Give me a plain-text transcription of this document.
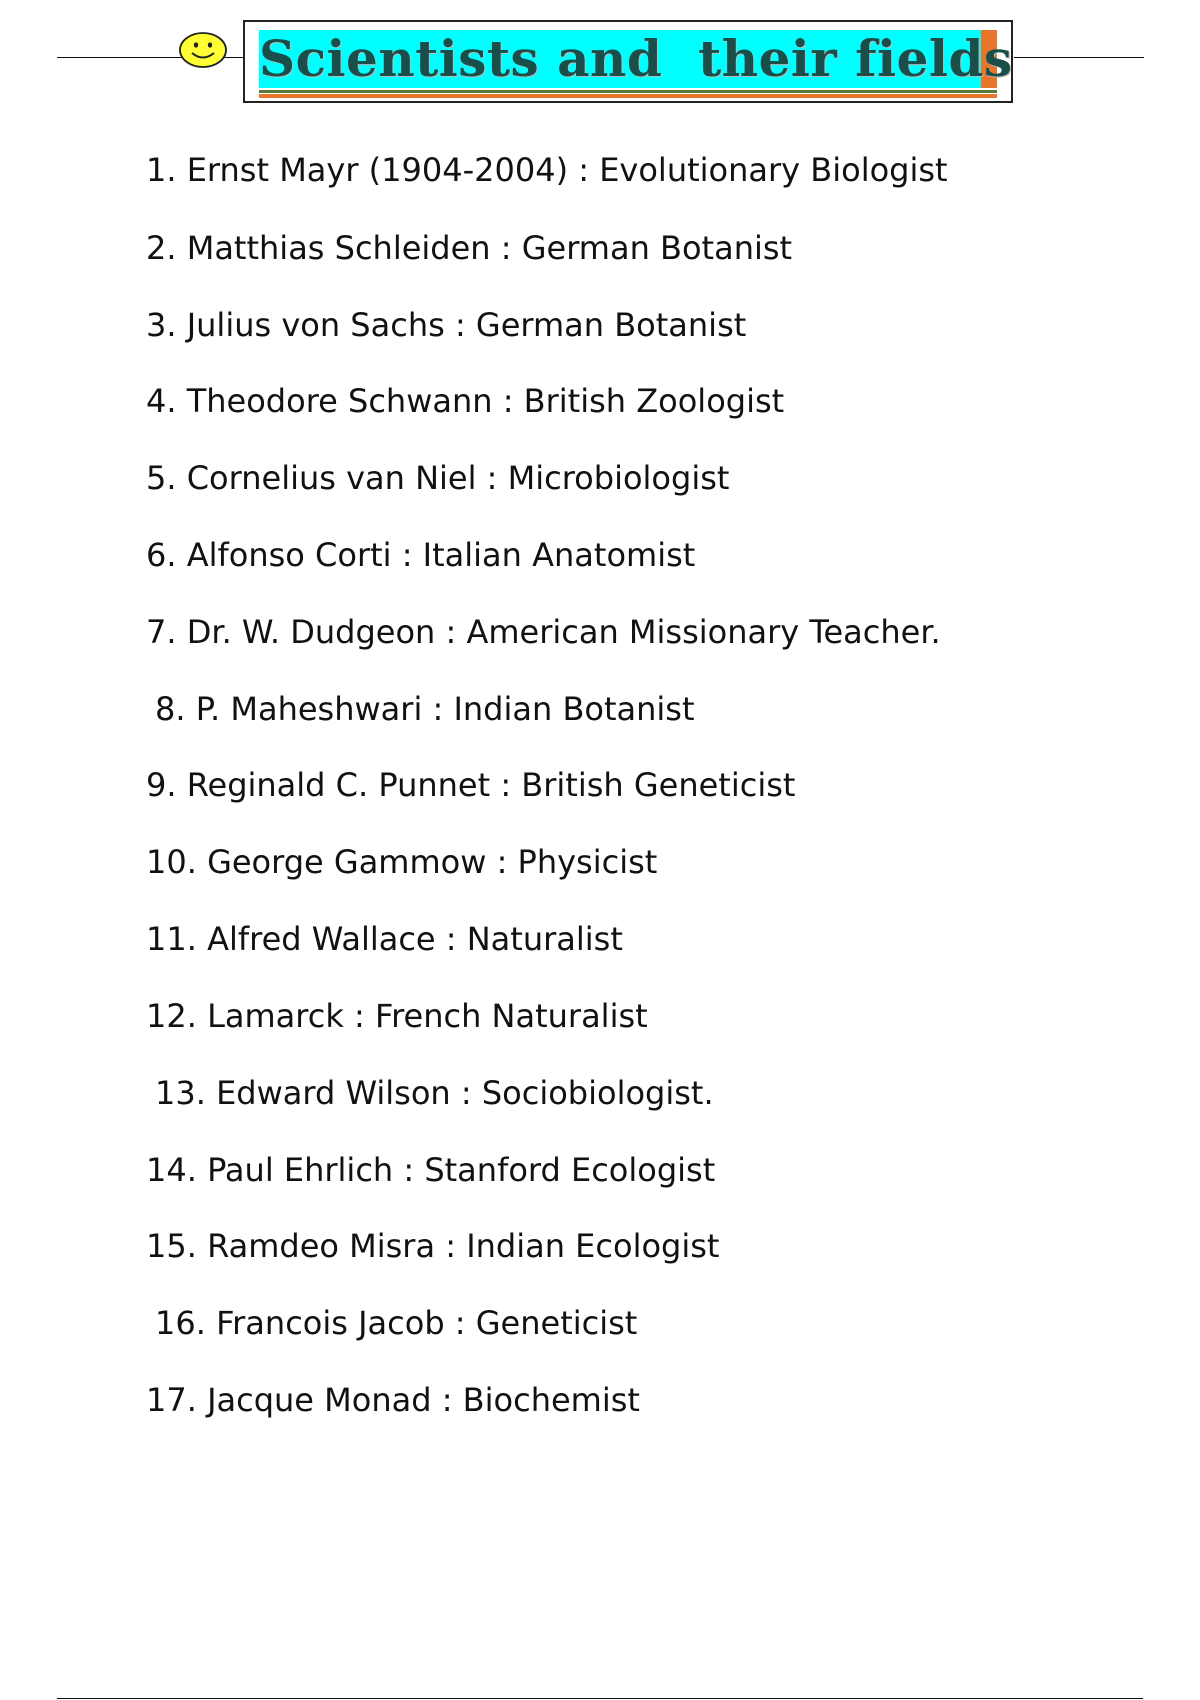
Scientists and  their fields
1. Ernst Mayr (1904-2004) : Evolutionary Biologist
2. Matthias Schleiden : German Botanist
3. Julius von Sachs : German Botanist
4. Theodore Schwann : British Zoologist
5. Cornelius van Niel : Microbiologist
6. Alfonso Corti : Italian Anatomist
7. Dr. W. Dudgeon : American Missionary Teacher.
8. P. Maheshwari : Indian Botanist
9. Reginald C. Punnet : British Geneticist
10. George Gammow : Physicist
11. Alfred Wallace : Naturalist
12. Lamarck : French Naturalist
13. Edward Wilson : Sociobiologist.
14. Paul Ehrlich : Stanford Ecologist
15. Ramdeo Misra : Indian Ecologist
16. Francois Jacob : Geneticist
17. Jacque Monad : Biochemist
